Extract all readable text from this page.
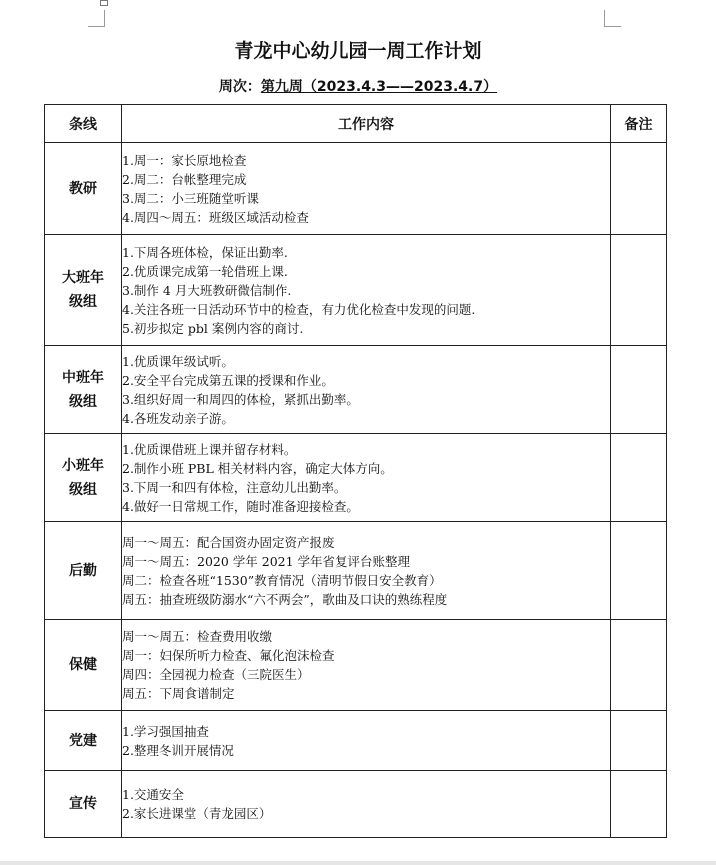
青龙中心幼儿园一周工作计划
周次：第九周（2023.4.3——2023.4.7）
条线	工作内容	备注
教研	1.周一：家长原地检查
2.周二：台帐整理完成
3.周二：小三班随堂听课
4.周四～周五：班级区域活动检查	

大班年级组	1.下周各班体检，保证出勤率.
2.优质课完成第一轮借班上课.
3.制作 4 月大班教研微信制作.
4.关注各班一日活动环节中的检查，有力优化检查中发现的问题.
5.初步拟定 pbl 案例内容的商讨.	

中班年级组	1.优质课年级试听。
2.安全平台完成第五课的授课和作业。
3.组织好周一和周四的体检，紧抓出勤率。
4.各班发动亲子游。	

小班年级组	1.优质课借班上课并留存材料。
2.制作小班 PBL 相关材料内容，确定大体方向。
3.下周一和四有体检，注意幼儿出勤率。
4.做好一日常规工作，随时准备迎接检查。	

后勤	周一～周五：配合国资办固定资产报废
周一～周五：2020 学年 2021 学年省复评台账整理
周二：检查各班“1530”教育情况（清明节假日安全教育）
周五：抽查班级防溺水“六不两会”，歌曲及口诀的熟练程度	

保健	周一～周五：检查费用收缴
周一：妇保所听力检查、氟化泡沫检查
周四：全园视力检查（三院医生）
周五：下周食谱制定	

党建	1.学习强国抽查
2.整理冬训开展情况	

宣传	1.交通安全
2.家长进课堂（青龙园区）	
